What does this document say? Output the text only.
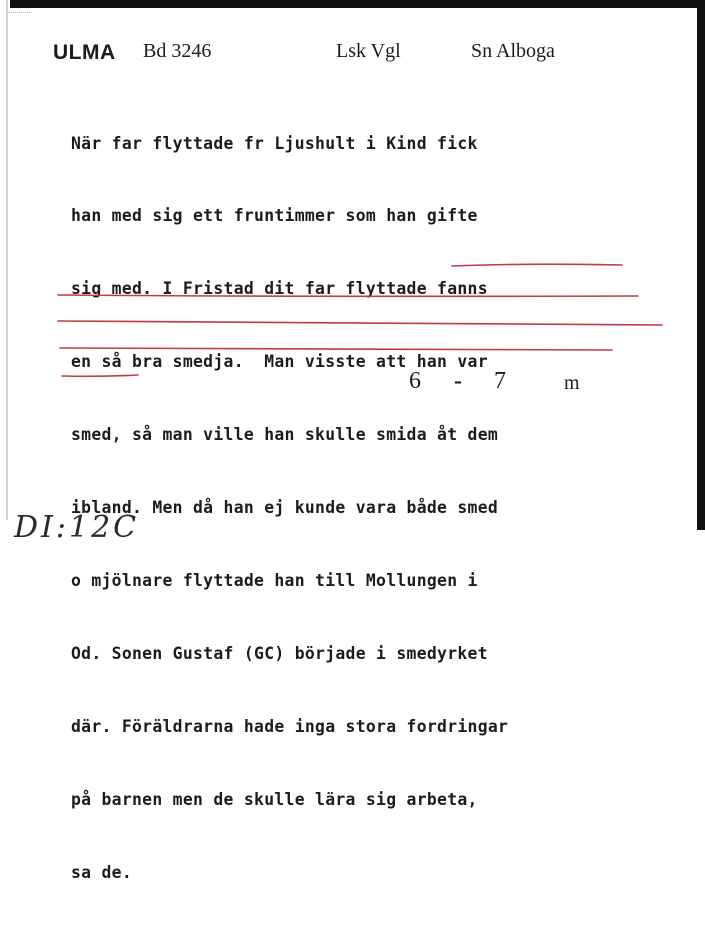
ULMA Bd 3246	Lsk Vgl	Sn Alboga

När far flyttade fr Ljushult i Kind fick

han med sig ett fruntimmer som han gifte

sig med. I Fristad dit far flyttade fanns

en så bra smedja.  Man visste att han var

smed, så man ville han skulle smida åt dem

ibland. Men då han ej kunde vara både smed

o mjölnare flyttade han till Mollungen i

Od. Sonen Gustaf (GC) började i smedyrket

där. Föräldrarna hade inga stora fordringar

på barnen men de skulle lära sig arbeta,

sa de.

6 - 7	m
DI:12C
